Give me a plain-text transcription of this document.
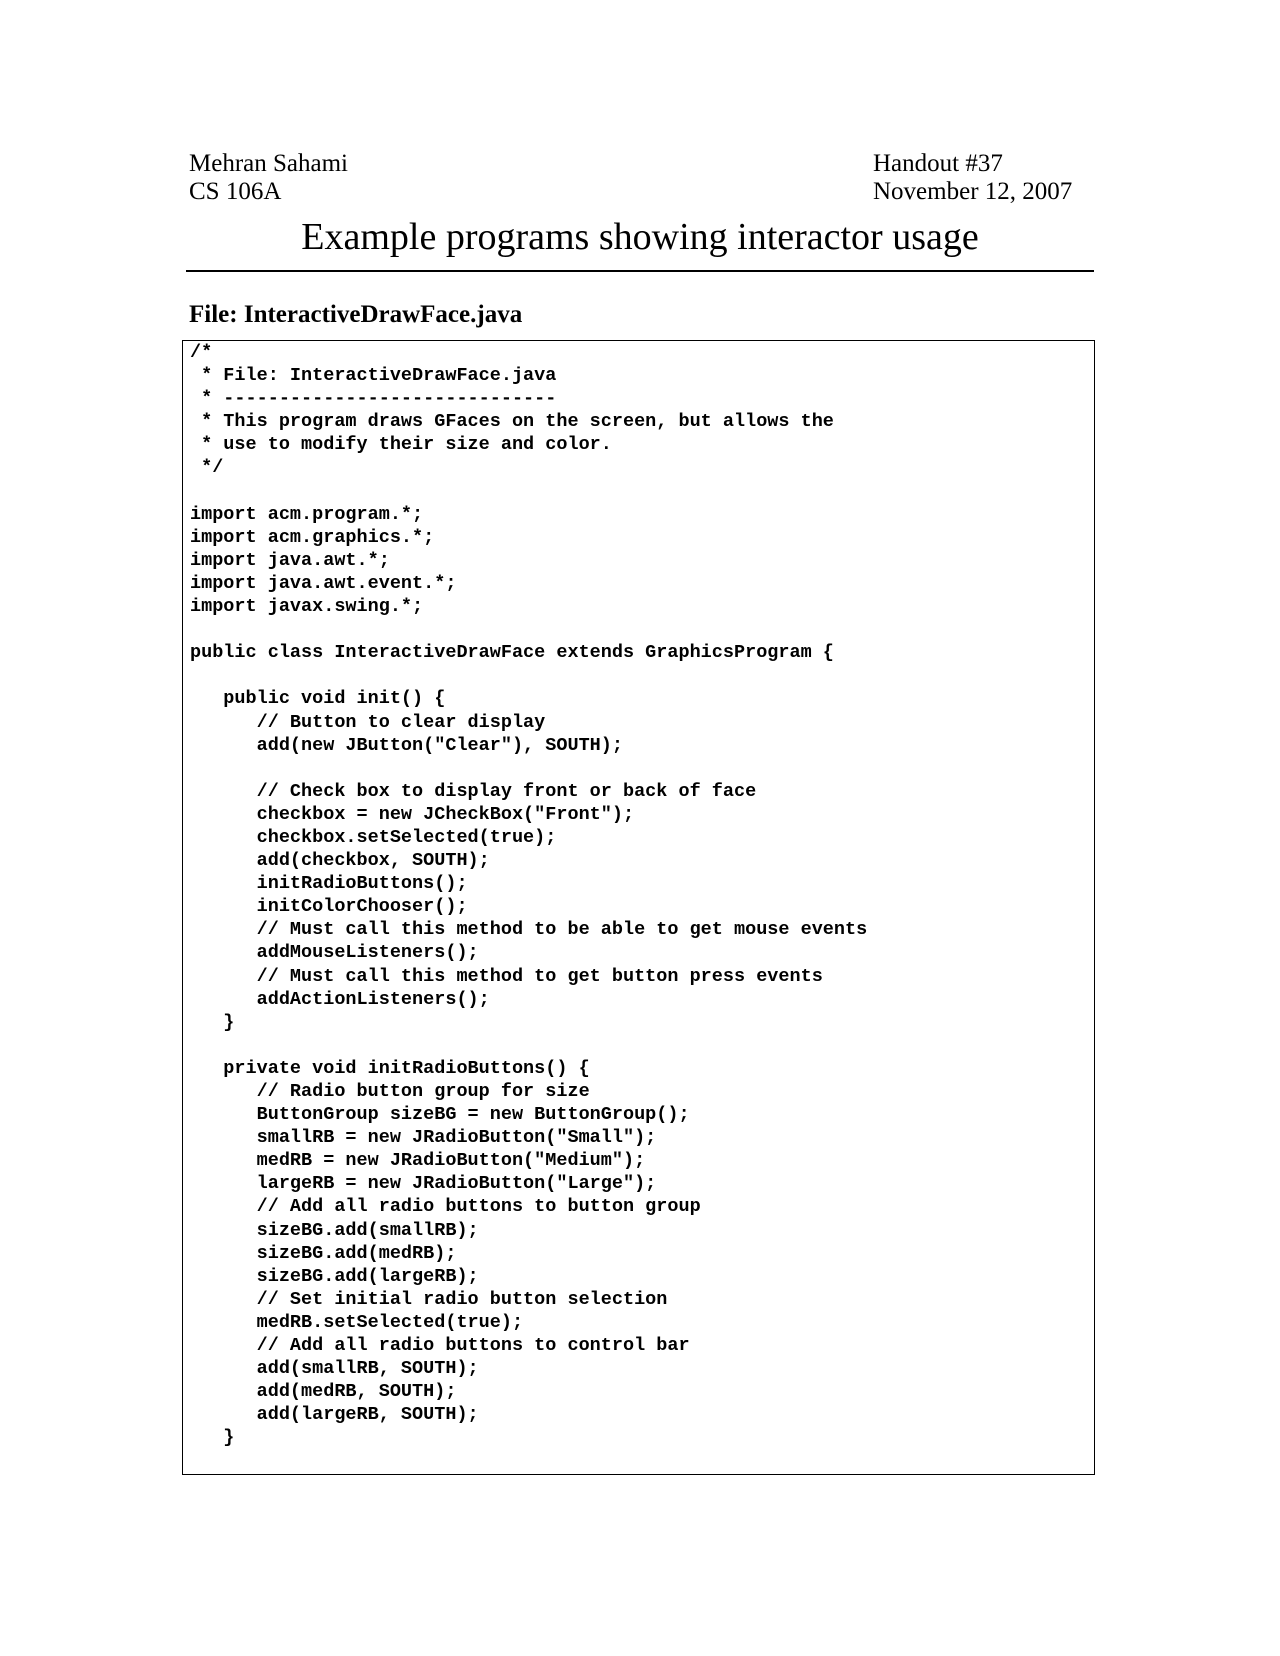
Mehran Sahami
CS 106A
Handout #37
November 12, 2007
Example programs showing interactor usage
File: InteractiveDrawFace.java
/*
* File: InteractiveDrawFace.java
* ------------------------------
* This program draws GFaces on the screen, but allows the
* use to modify their size and color.
*/
import acm.program.*;
import acm.graphics.*;
import java.awt.*;
import java.awt.event.*;
import javax.swing.*;
public class InteractiveDrawFace extends GraphicsProgram {
public void init() {
// Button to clear display
add(new JButton("Clear"), SOUTH);
// Check box to display front or back of face
checkbox = new JCheckBox("Front");
checkbox.setSelected(true);
add(checkbox, SOUTH);
initRadioButtons();
initColorChooser();
// Must call this method to be able to get mouse events
addMouseListeners();
// Must call this method to get button press events
addActionListeners();
}
private void initRadioButtons() {
// Radio button group for size
ButtonGroup sizeBG = new ButtonGroup();
smallRB = new JRadioButton("Small");
medRB = new JRadioButton("Medium");
largeRB = new JRadioButton("Large");
// Add all radio buttons to button group
sizeBG.add(smallRB);
sizeBG.add(medRB);
sizeBG.add(largeRB);
// Set initial radio button selection
medRB.setSelected(true);
// Add all radio buttons to control bar
add(smallRB, SOUTH);
add(medRB, SOUTH);
add(largeRB, SOUTH);
}
